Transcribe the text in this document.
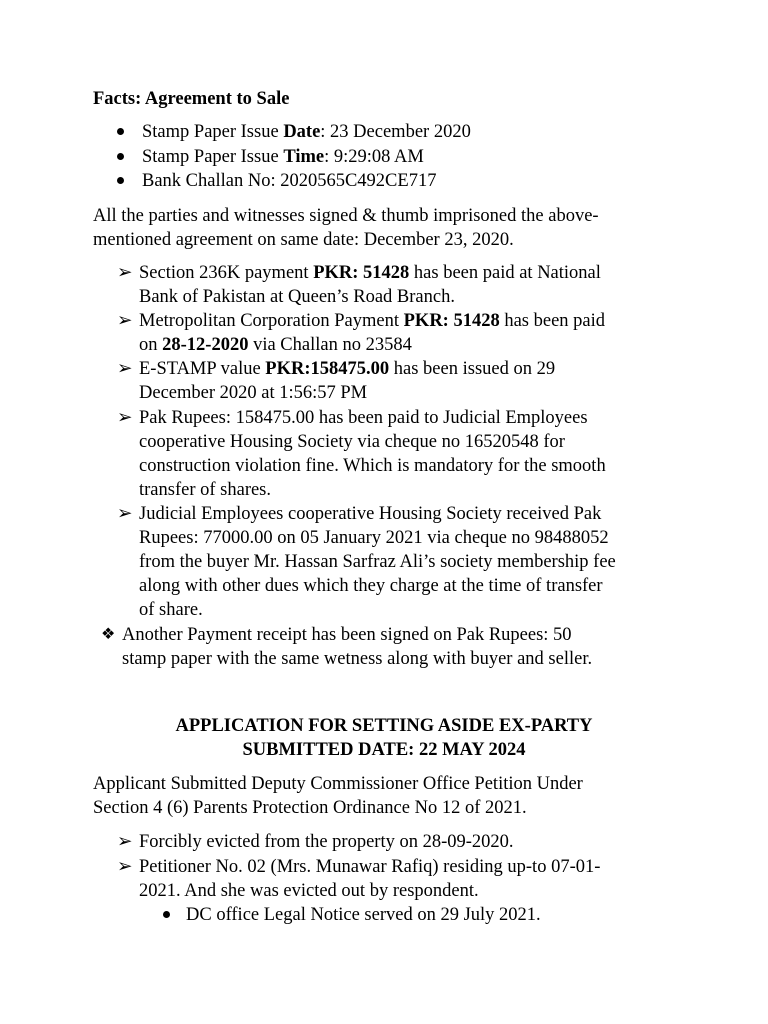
Facts: Agreement to Sale
Stamp Paper Issue Date: 23 December 2020
Stamp Paper Issue Time: 9:29:08 AM
Bank Challan No: 2020565C492CE717
All the parties and witnesses signed & thumb imprisoned the above-
mentioned agreement on same date: December 23, 2020.
➢ Section 236K payment PKR: 51428 has been paid at National
Bank of Pakistan at Queen’s Road Branch.
➢ Metropolitan Corporation Payment PKR: 51428 has been paid
on 28-12-2020 via Challan no 23584
➢ E-STAMP value PKR:158475.00 has been issued on 29
December 2020 at 1:56:57 PM
➢ Pak Rupees: 158475.00 has been paid to Judicial Employees
cooperative Housing Society via cheque no 16520548 for
construction violation fine. Which is mandatory for the smooth
transfer of shares.
➢ Judicial Employees cooperative Housing Society received Pak
Rupees: 77000.00 on 05 January 2021 via cheque no 98488052
from the buyer Mr. Hassan Sarfraz Ali’s society membership fee
along with other dues which they charge at the time of transfer
of share.
❖ Another Payment receipt has been signed on Pak Rupees: 50
stamp paper with the same wetness along with buyer and seller.
APPLICATION FOR SETTING ASIDE EX-PARTY
SUBMITTED DATE: 22 MAY 2024
Applicant Submitted Deputy Commissioner Office Petition Under
Section 4 (6) Parents Protection Ordinance No 12 of 2021.
➢ Forcibly evicted from the property on 28-09-2020.
➢ Petitioner No. 02 (Mrs. Munawar Rafiq) residing up-to 07-01-
2021. And she was evicted out by respondent.
DC office Legal Notice served on 29 July 2021.
